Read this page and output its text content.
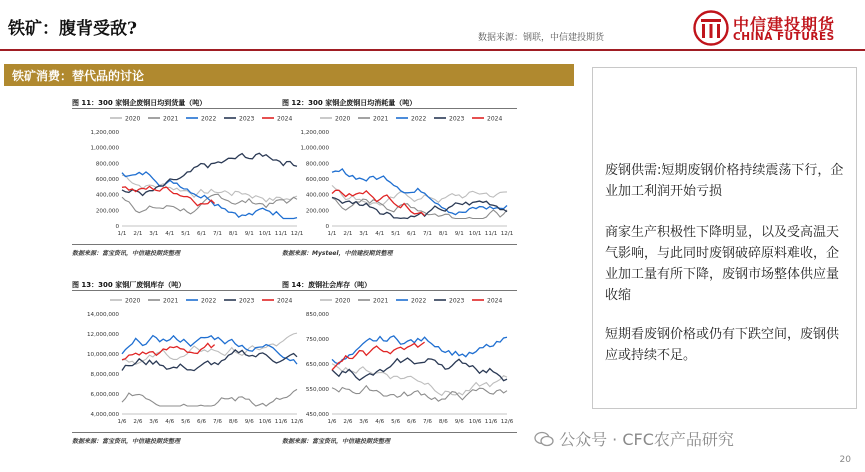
铁矿：腹背受敌?	数据来源：钢联，中信建投期货
中信建投期货
CHINA FUTURES
铁矿消费：替代品的讨论
图 11：300 家钢企废钢日均到货量（吨）
2020	2021	2022	2023	2024
1,200,000
1,000,000
800,000
600,000
400,000
200,000
0
1/1 2/1 3/1 4/1 5/1 6/1 7/1 8/1 9/1 10/1 11/1 12/1
数据来源：富宝资讯，中信建投期货整理
图 12：300 家钢企废钢日均消耗量（吨）
2020	2021	2022	2023	2024
1,200,000
1,000,000
800,000
600,000
400,000
200,000
0
1/1 2/1 3/1 4/1 5/1 6/1 7/1 8/1 9/1 10/1 11/1 12/1
数据来源：Mysteel，中信建投期货整理
图 13：300 家钢厂废钢库存（吨）
2020	2021	2022	2023	2024
14,000,000
12,000,000
10,000,000
8,000,000
6,000,000
4,000,000
1/6 2/6 3/6 4/6 5/6 6/6 7/6 8/6 9/6 10/6 11/6 12/6
数据来源：富宝资讯，中信建投期货整理
图 14：废钢社会库存（吨）
2020	2021	2022	2023	2024
850,000
750,000
650,000
550,000
450,000
1/6 2/6 3/6 4/6 5/6 6/6 7/6 8/6 9/6 10/6 11/6 12/6
数据来源：富宝资讯，中信建投期货整理
废钢供需:短期废钢价格持续震荡下行，企业加工利润开始亏损
商家生产积极性下降明显，以及受高温天气影响，与此同时废钢破碎原料难收，企业加工量有所下降，废钢市场整体供应量收缩
短期看废钢价格或仍有下跌空间，废钢供应或持续不足。
公众号 · CFC农产品研究
20
